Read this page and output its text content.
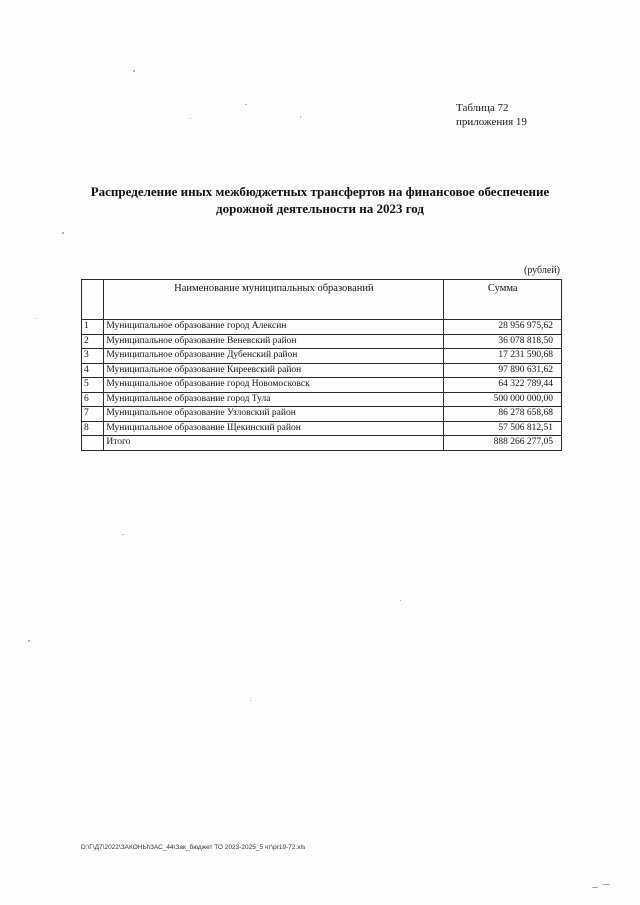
Таблица 72
приложения 19
Распределение иных межбюджетных трансфертов на финансовое обеспечение
дорожной деятельности на 2023 год
(рублей)
	Наименование муниципальных образований	Сумма
1	Муниципальное образование город Алексин	28 956 975,62
2	Муниципальное образование Веневский район	36 078 818,50
3	Муниципальное образование Дубенский район	17 231 590,68
4	Муниципальное образование Киреевский район	97 890 631,62
5	Муниципальное образование город Новомосковск	64 322 789,44
6	Муниципальное образование город Тула	500 000 000,00
7	Муниципальное образование Узловский район	86 278 658,68
8	Муниципальное образование Щекинский район	57 506 812,51
	Итого	888 266 277,05
D:\Г\Д7\2022\ЗАКОНЫ\ЗАС_44\Зак_бюджет ТО 2023-2025_5 чт\pr19-72.xls
